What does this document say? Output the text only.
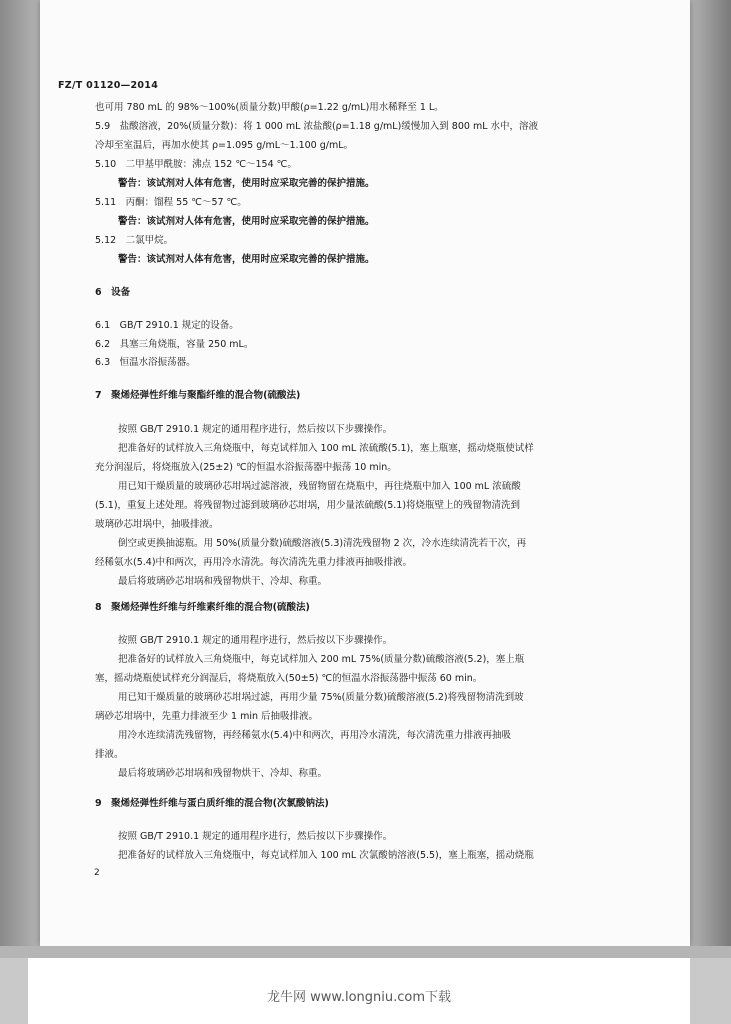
FZ/T 01120—2014
也可用 780 mL 的 98%～100%(质量分数)甲酸(ρ=1.22 g/mL)用水稀释至 1 L。
5.9　盐酸溶液，20%(质量分数)：将 1 000 mL 浓盐酸(ρ=1.18 g/mL)缓慢加入到 800 mL 水中，溶液
冷却至室温后，再加水使其 ρ=1.095 g/mL～1.100 g/mL。
5.10　二甲基甲酰胺：沸点 152 ℃～154 ℃。
警告：该试剂对人体有危害，使用时应采取完善的保护措施。
5.11　丙酮：馏程 55 ℃～57 ℃。
警告：该试剂对人体有危害，使用时应采取完善的保护措施。
5.12　二氯甲烷。
警告：该试剂对人体有危害，使用时应采取完善的保护措施。
6　设备
6.1　GB/T 2910.1 规定的设备。
6.2　具塞三角烧瓶，容量 250 mL。
6.3　恒温水浴振荡器。
7　聚烯烃弹性纤维与聚酯纤维的混合物(硫酸法)
按照 GB/T 2910.1 规定的通用程序进行，然后按以下步骤操作。
把准备好的试样放入三角烧瓶中，每克试样加入 100 mL 浓硫酸(5.1)，塞上瓶塞，摇动烧瓶使试样
充分润湿后，将烧瓶放入(25±2) ℃的恒温水浴振荡器中振荡 10 min。
用已知干燥质量的玻璃砂芯坩埚过滤溶液，残留物留在烧瓶中，再往烧瓶中加入 100 mL 浓硫酸
(5.1)，重复上述处理。将残留物过滤到玻璃砂芯坩埚，用少量浓硫酸(5.1)将烧瓶壁上的残留物清洗到
玻璃砂芯坩埚中，抽吸排液。
倒空或更换抽滤瓶。用 50%(质量分数)硫酸溶液(5.3)清洗残留物 2 次，冷水连续清洗若干次，再
经稀氨水(5.4)中和两次，再用冷水清洗。每次清洗先重力排液再抽吸排液。
最后将玻璃砂芯坩埚和残留物烘干、冷却、称重。
8　聚烯烃弹性纤维与纤维素纤维的混合物(硫酸法)
按照 GB/T 2910.1 规定的通用程序进行，然后按以下步骤操作。
把准备好的试样放入三角烧瓶中，每克试样加入 200 mL 75%(质量分数)硫酸溶液(5.2)，塞上瓶
塞，摇动烧瓶使试样充分润湿后，将烧瓶放入(50±5) ℃的恒温水浴振荡器中振荡 60 min。
用已知干燥质量的玻璃砂芯坩埚过滤，再用少量 75%(质量分数)硫酸溶液(5.2)将残留物清洗到玻
璃砂芯坩埚中，先重力排液至少 1 min 后抽吸排液。
用冷水连续清洗残留物，再经稀氨水(5.4)中和两次，再用冷水清洗，每次清洗重力排液再抽吸
排液。
最后将玻璃砂芯坩埚和残留物烘干、冷却、称重。
9　聚烯烃弹性纤维与蛋白质纤维的混合物(次氯酸钠法)
按照 GB/T 2910.1 规定的通用程序进行，然后按以下步骤操作。
把准备好的试样放入三角烧瓶中，每克试样加入 100 mL 次氯酸钠溶液(5.5)，塞上瓶塞，摇动烧瓶
2
龙牛网 www.longniu.com下载
